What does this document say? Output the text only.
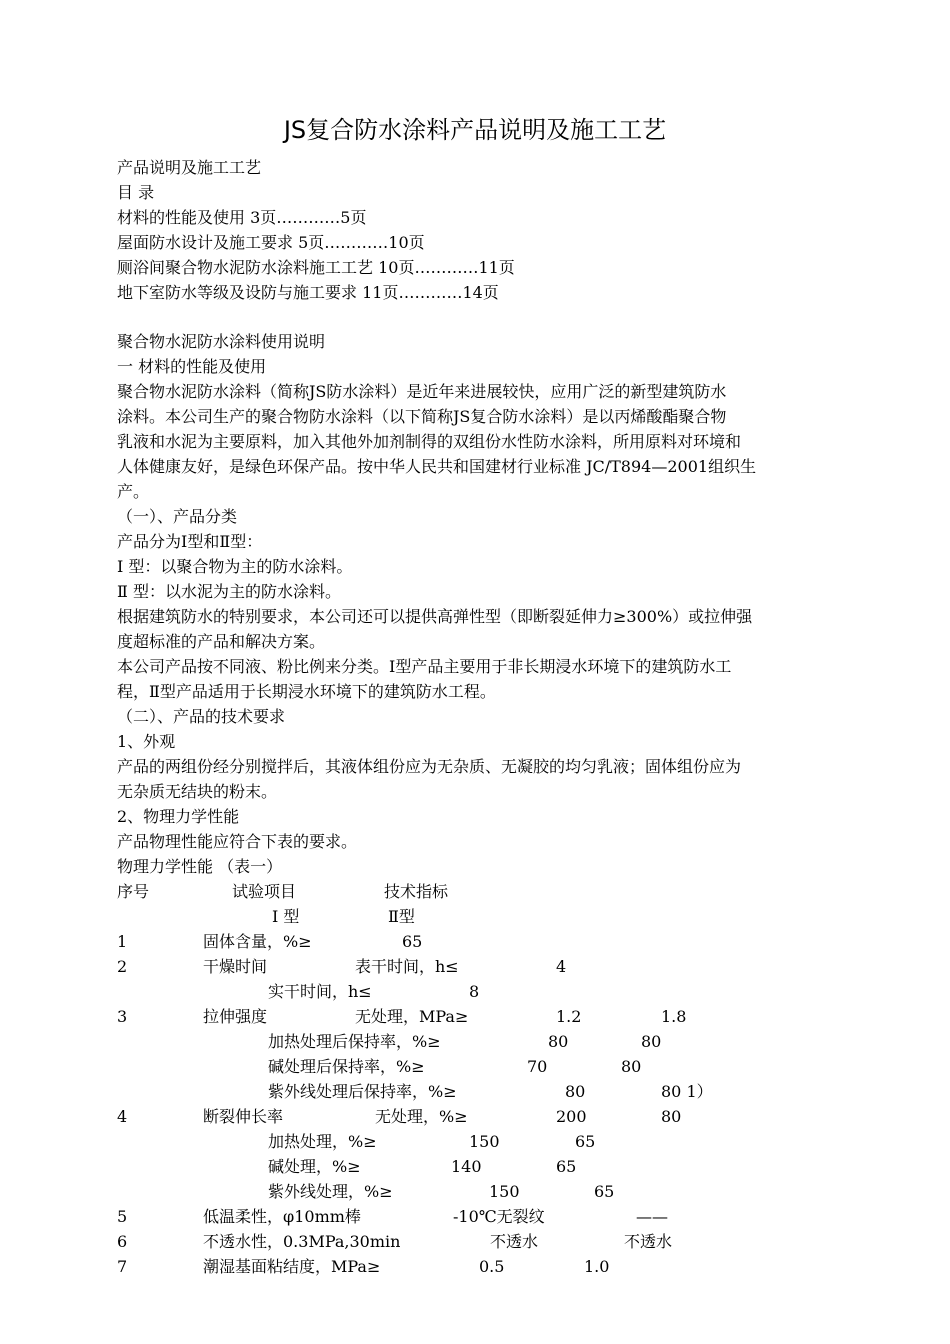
JS复合防水涂料产品说明及施工工艺
产品说明及施工工艺
目 录
材料的性能及使用 3页…………5页
屋面防水设计及施工要求 5页…………10页
厕浴间聚合物水泥防水涂料施工工艺 10页…………11页
地下室防水等级及设防与施工要求 11页…………14页
聚合物水泥防水涂料使用说明
一 材料的性能及使用
聚合物水泥防水涂料（简称JS防水涂料）是近年来进展较快，应用广泛的新型建筑防水
涂料。本公司生产的聚合物防水涂料（以下简称JS复合防水涂料）是以丙烯酸酯聚合物
乳液和水泥为主要原料，加入其他外加剂制得的双组份水性防水涂料，所用原料对环境和
人体健康友好，是绿色环保产品。按中华人民共和国建材行业标准 JC/T894—2001组织生
产。
（一）、产品分类
产品分为Ⅰ型和Ⅱ型：
Ⅰ 型：以聚合物为主的防水涂料。
Ⅱ 型：以水泥为主的防水涂料。
根据建筑防水的特别要求，本公司还可以提供高弹性型（即断裂延伸力≥300%）或拉伸强
度超标准的产品和解决方案。
本公司产品按不同液、粉比例来分类。Ⅰ型产品主要用于非长期浸水环境下的建筑防水工
程，Ⅱ型产品适用于长期浸水环境下的建筑防水工程。
（二）、产品的技术要求
1、外观
产品的两组份经分别搅拌后，其液体组份应为无杂质、无凝胶的均匀乳液；固体组份应为
无杂质无结块的粉末。
2、物理力学性能
产品物理性能应符合下表的要求。
物理力学性能 （表一）
序号	试验项目	技术指标
Ⅰ 型	Ⅱ型
1	固体含量，%≥	65
2	干燥时间	表干时间，h≤	4
实干时间，h≤	8
3	拉伸强度	无处理，MPa≥	1.2	1.8
加热处理后保持率，%≥	80	80
碱处理后保持率，%≥	70	80
紫外线处理后保持率，%≥	80	80 1）
4	断裂伸长率	无处理，%≥	200	80
加热处理，%≥	150	65
碱处理，%≥	140	65
紫外线处理，%≥	150	65
5	低温柔性，φ10mm棒	-10℃无裂纹	——
6	不透水性，0.3MPa,30min	不透水	不透水
7	潮湿基面粘结度，MPa≥	0.5	1.0
